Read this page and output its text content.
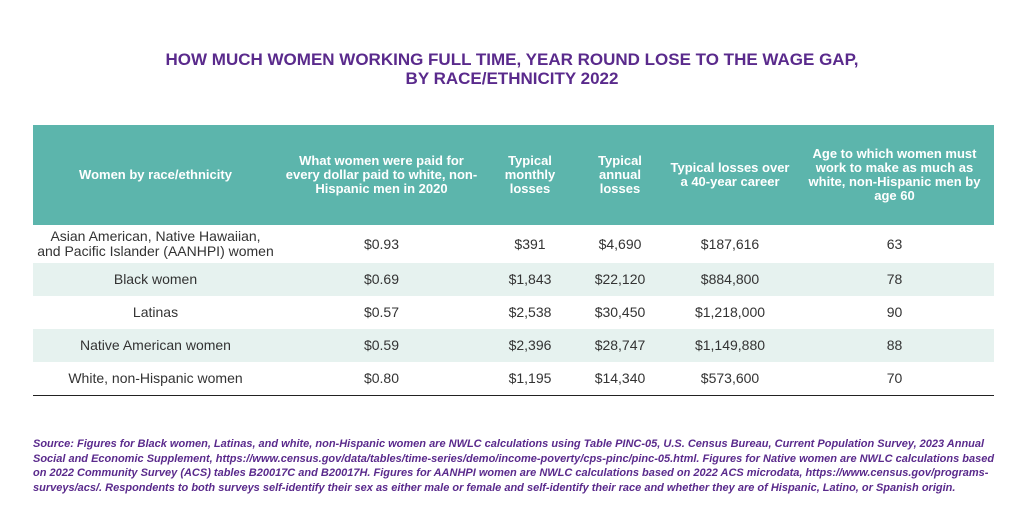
HOW MUCH WOMEN WORKING FULL TIME, YEAR ROUND LOSE TO THE WAGE GAP,
BY RACE/ETHNICITY 2022
Women by race/ethnicity	What women were paid for every dollar paid to white, non-Hispanic men in 2020	Typical monthly losses	Typical annual losses	Typical losses over a 40-year career	Age to which women must work to make as much as white, non-Hispanic men by age 60
Asian American, Native Hawaiian, and Pacific Islander (AANHPI) women	$0.93	$391	$4,690	$187,616	63
Black women	$0.69	$1,843	$22,120	$884,800	78
Latinas	$0.57	$2,538	$30,450	$1,218,000	90
Native American women	$0.59	$2,396	$28,747	$1,149,880	88
White, non-Hispanic women	$0.80	$1,195	$14,340	$573,600	70
Source: Figures for Black women, Latinas, and white, non-Hispanic women are NWLC calculations using Table PINC-05, U.S. Census Bureau, Current Population Survey, 2023 Annual Social and Economic Supplement, https://www.census.gov/data/tables/time-series/demo/income-poverty/cps-pinc/pinc-05.html. Figures for Native women are NWLC calculations based on 2022 Community Survey (ACS) tables B20017C and B20017H. Figures for AANHPI women are NWLC calculations based on 2022 ACS microdata, https://www.census.gov/programs-surveys/acs/. Respondents to both surveys self-identify their sex as either male or female and self-identify their race and whether they are of Hispanic, Latino, or Spanish origin.
